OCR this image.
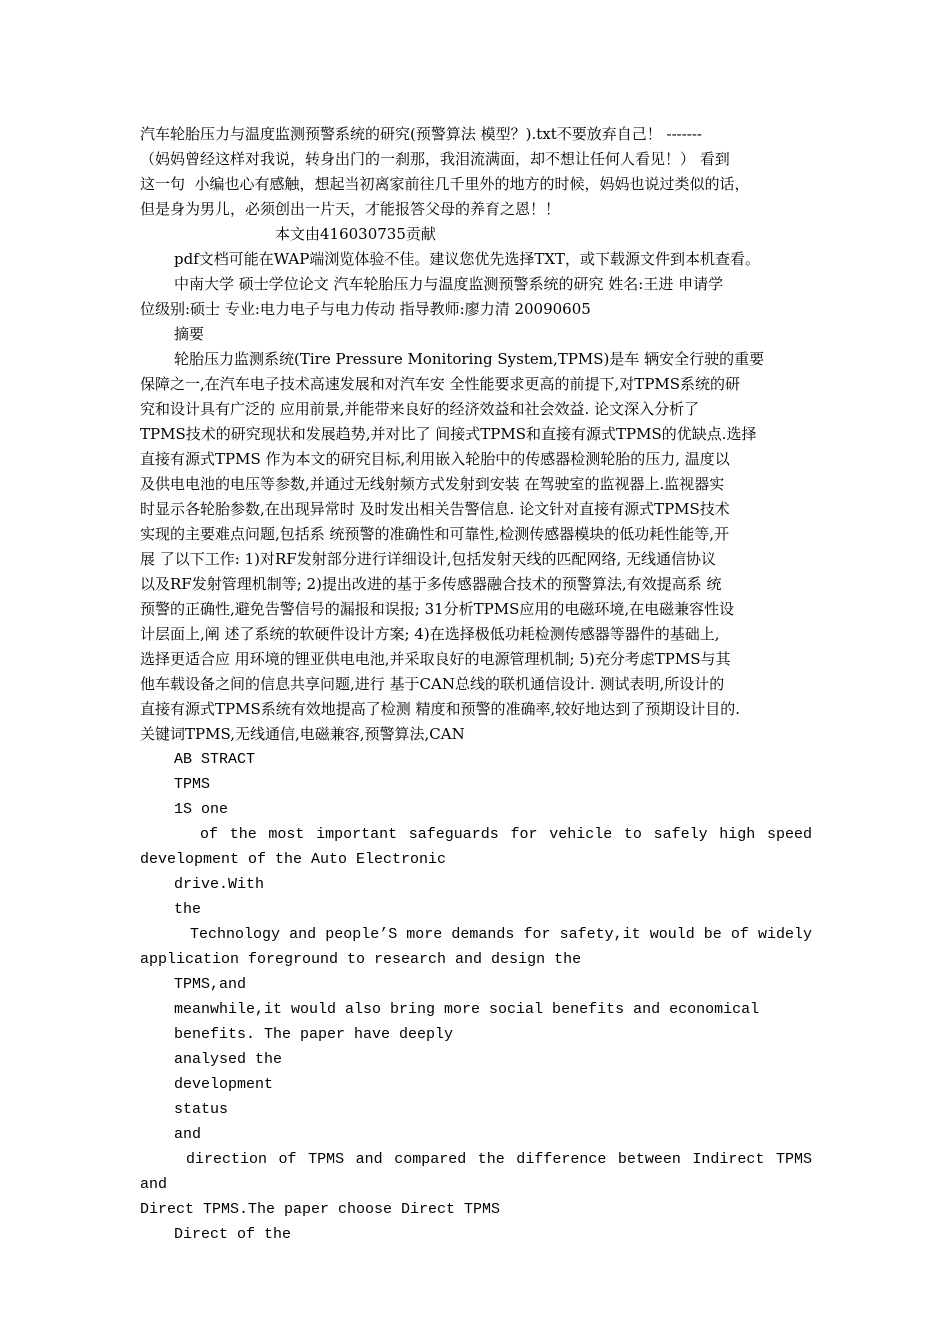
汽车轮胎压力与温度监测预警系统的研究(预警算法 模型？).txt不要放弃自己！ -------

（妈妈曾经这样对我说，转身出门的一刹那，我泪流满面，却不想让任何人看见！） 看到

这一句  小编也心有感触，想起当初离家前往几千里外的地方的时候，妈妈也说过类似的话，

但是身为男儿，必须创出一片天，才能报答父母的养育之恩！！

本文由416030735贡献

pdf文档可能在WAP端浏览体验不佳。建议您优先选择TXT，或下载源文件到本机查看。

中南大学 硕士学位论文 汽车轮胎压力与温度监测预警系统的研究 姓名:王进 申请学

位级别:硕士 专业:电力电子与电力传动 指导教师:廖力清 20090605

摘要

轮胎压力监测系统(Tire Pressure Monitoring System,TPMS)是车 辆安全行驶的重要

保障之一,在汽车电子技术高速发展和对汽车安 全性能要求更高的前提下,对TPMS系统的研

究和设计具有广泛的 应用前景,并能带来良好的经济效益和社会效益. 论文深入分析了

TPMS技术的研究现状和发展趋势,并对比了 间接式TPMS和直接有源式TPMS的优缺点.选择

直接有源式TPMS 作为本文的研究目标,利用嵌入轮胎中的传感器检测轮胎的压力, 温度以

及供电电池的电压等参数,并通过无线射频方式发射到安装 在驾驶室的监视器上.监视器实

时显示各轮胎参数,在出现异常时 及时发出相关告警信息. 论文针对直接有源式TPMS技术

实现的主要难点问题,包括系 统预警的准确性和可靠性,检测传感器模块的低功耗性能等,开

展 了以下工作: 1)对RF发射部分进行详细设计,包括发射天线的匹配网络, 无线通信协议

以及RF发射管理机制等; 2)提出改进的基于多传感器融合技术的预警算法,有效提高系 统

预警的正确性,避免告警信号的漏报和误报; 31分析TPMS应用的电磁环境,在电磁兼容性设

计层面上,阐 述了系统的软硬件设计方案; 4)在选择极低功耗检测传感器等器件的基础上,

选择更适合应 用环境的锂亚供电电池,并采取良好的电源管理机制; 5)充分考虑TPMS与其

他车载设备之间的信息共享问题,进行 基于CAN总线的联机通信设计. 测试表明,所设计的

直接有源式TPMS系统有效地提高了检测 精度和预警的准确率,较好地达到了预期设计目的.

关键词TPMS,无线通信,电磁兼容,预警算法,CAN

AB STRACT

TPMS

1S one

of the most important safeguards for vehicle to safely high speed

development of the Auto Electronic

drive.With

the

Technology and people’S more demands for safety,it would be of widely

application foreground to research and design the

TPMS,and

meanwhile,it would also bring more social benefits and economical

benefits. The paper have deeply

analysed the

development

status

and

direction of TPMS and compared the difference between Indirect TPMS and

Direct TPMS.The paper choose Direct TPMS

Direct of the
